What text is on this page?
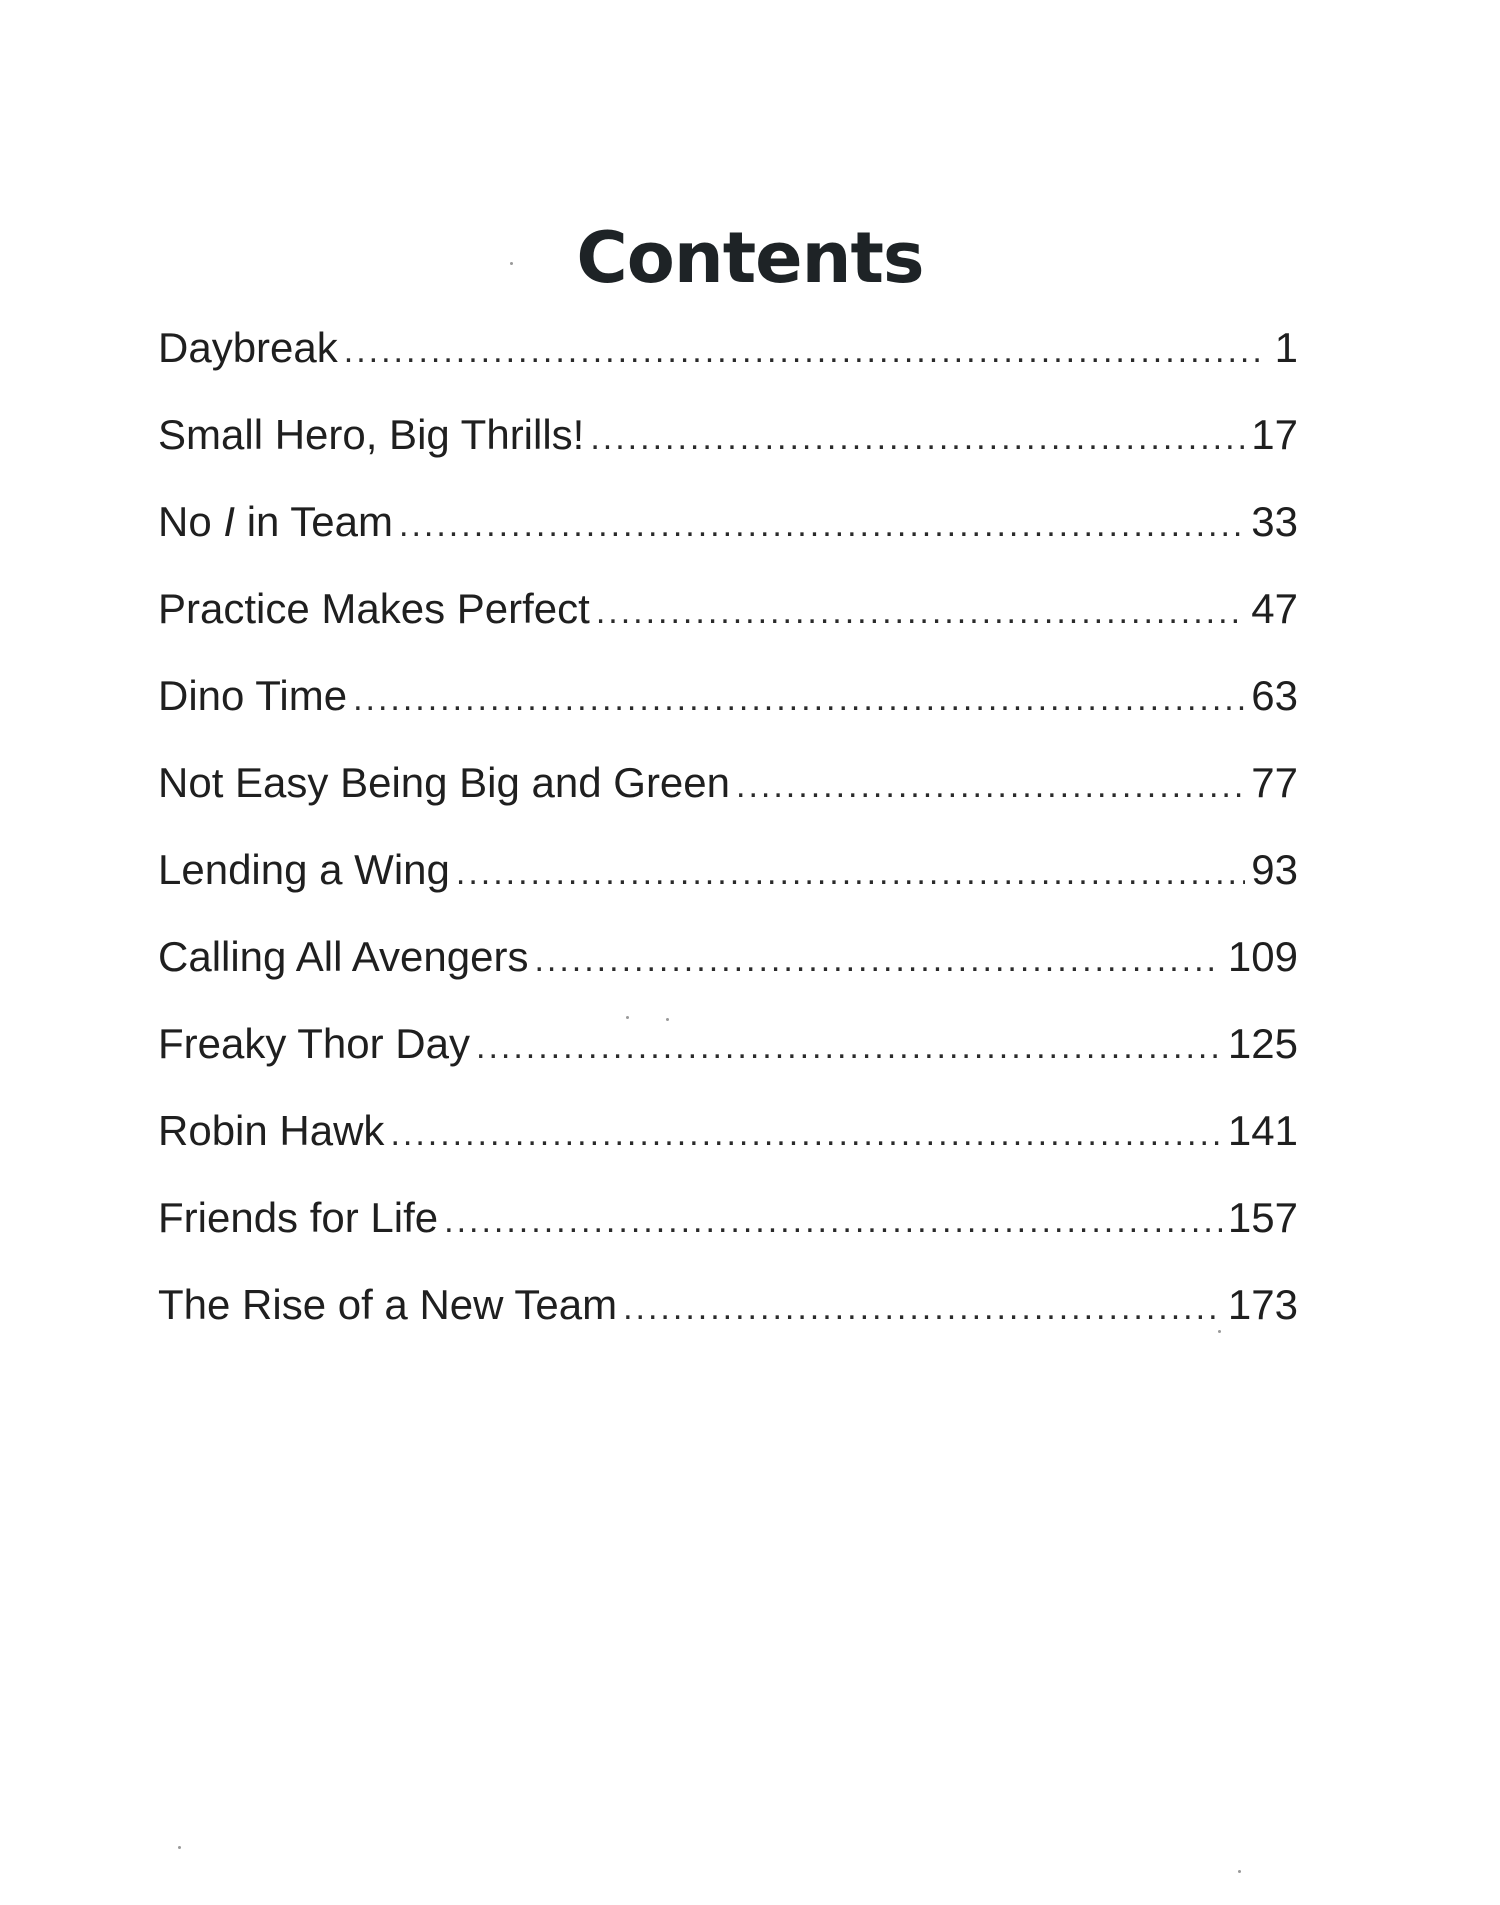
Contents
Daybreak .....	1
Small Hero, Big Thrills! .....	17
No I in Team .....	33
Practice Makes Perfect .....	47
Dino Time .....	63
Not Easy Being Big and Green .....	77
Lending a Wing .....	93
Calling All Avengers .....	109
Freaky Thor Day .....	125
Robin Hawk .....	141
Friends for Life .....	157
The Rise of a New Team .....	173
